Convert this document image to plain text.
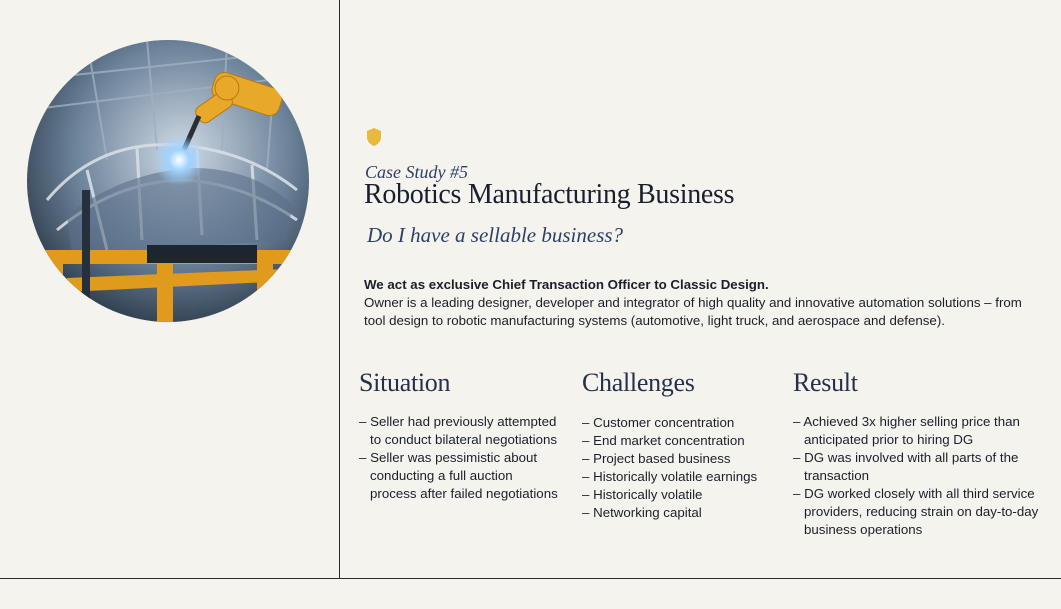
Case Study #5
Robotics Manufacturing Business
Do I have a sellable business?
We act as exclusive Chief Transaction Officer to Classic Design.
Owner is a leading designer, developer and integrator of high quality and innovative automation solutions – from tool design to robotic manufacturing systems (automotive, light truck, and aerospace and defense).
Situation
– Seller had previously attempted to conduct bilateral negotiations
– Seller was pessimistic about conducting a full auction process after failed negotiations
Challenges
– Customer concentration
– End market concentration
– Project based business
– Historically volatile earnings
– Historically volatile
– Networking capital
Result
– Achieved 3x higher selling price than anticipated prior to hiring DG
– DG was involved with all parts of the transaction
– DG worked closely with all third service providers, reducing strain on day-to-day business operations
